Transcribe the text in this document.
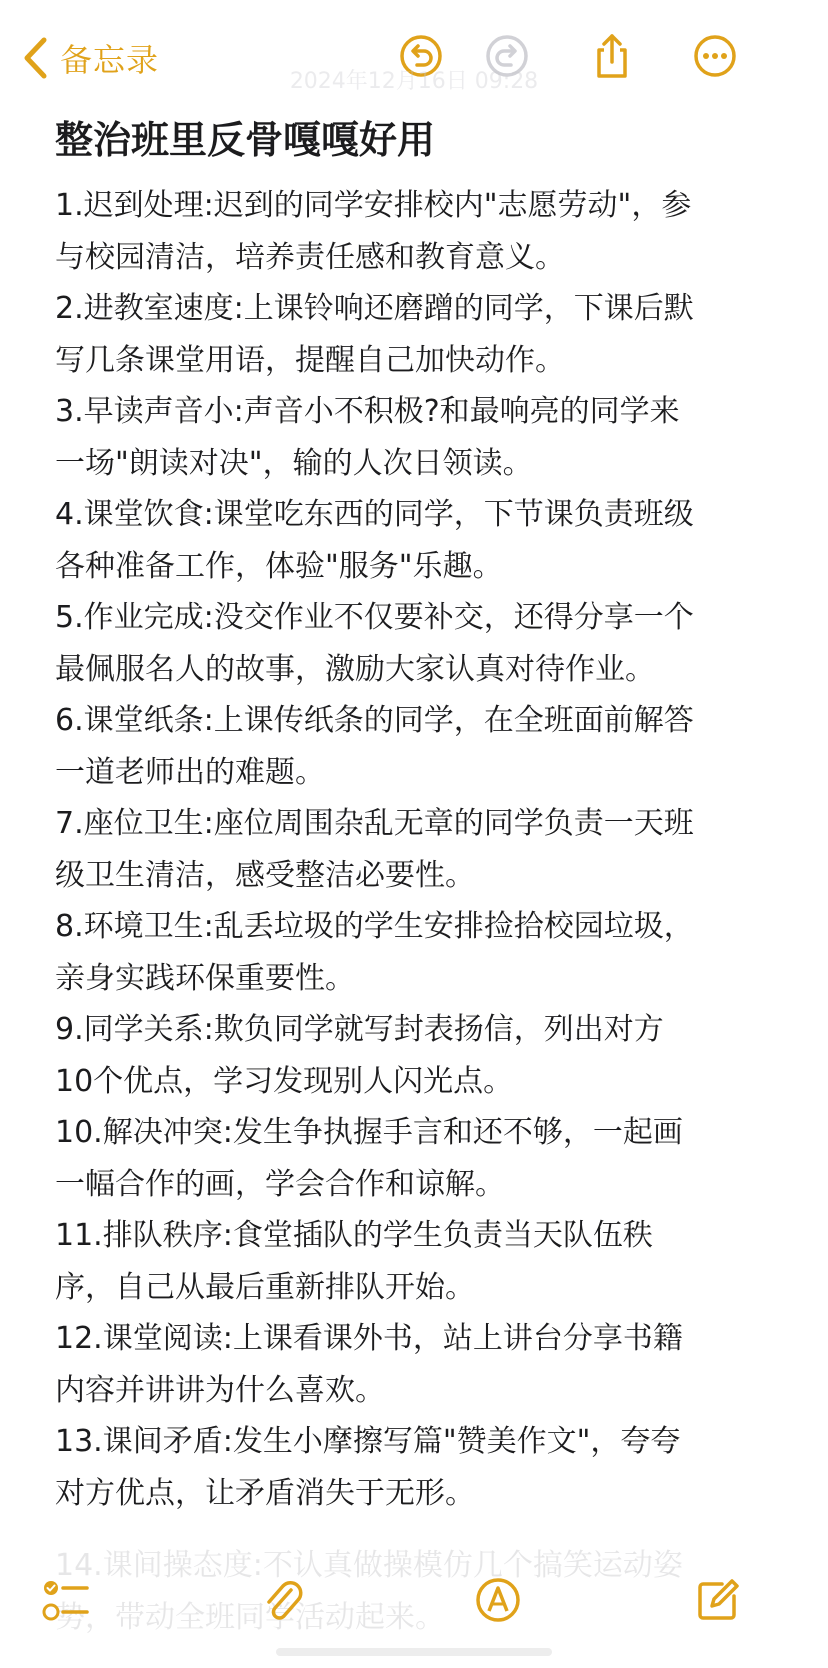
备忘录
2024年12月16日 09:28
整治班里反骨嘎嘎好用
1.迟到处理:迟到的同学安排校内"志愿劳动"，参
与校园清洁，培养责任感和教育意义。
2.进教室速度:上课铃响还磨蹭的同学，下课后默
写几条课堂用语，提醒自己加快动作。
3.早读声音小:声音小不积极?和最响亮的同学来
一场"朗读对决"，输的人次日领读。
4.课堂饮食:课堂吃东西的同学，下节课负责班级
各种准备工作，体验"服务"乐趣。
5.作业完成:没交作业不仅要补交，还得分享一个
最佩服名人的故事，激励大家认真对待作业。
6.课堂纸条:上课传纸条的同学，在全班面前解答
一道老师出的难题。
7.座位卫生:座位周围杂乱无章的同学负责一天班
级卫生清洁，感受整洁必要性。
8.环境卫生:乱丢垃圾的学生安排捡拾校园垃圾，
亲身实践环保重要性。
9.同学关系:欺负同学就写封表扬信，列出对方
10个优点，学习发现别人闪光点。
10.解决冲突:发生争执握手言和还不够，一起画
一幅合作的画，学会合作和谅解。
11.排队秩序:食堂插队的学生负责当天队伍秩
序，自己从最后重新排队开始。
12.课堂阅读:上课看课外书，站上讲台分享书籍
内容并讲讲为什么喜欢。
13.课间矛盾:发生小摩擦写篇"赞美作文"，夸夸
对方优点，让矛盾消失于无形。
14.课间操态度:不认真做操模仿几个搞笑运动姿
势，带动全班同学活动起来。
